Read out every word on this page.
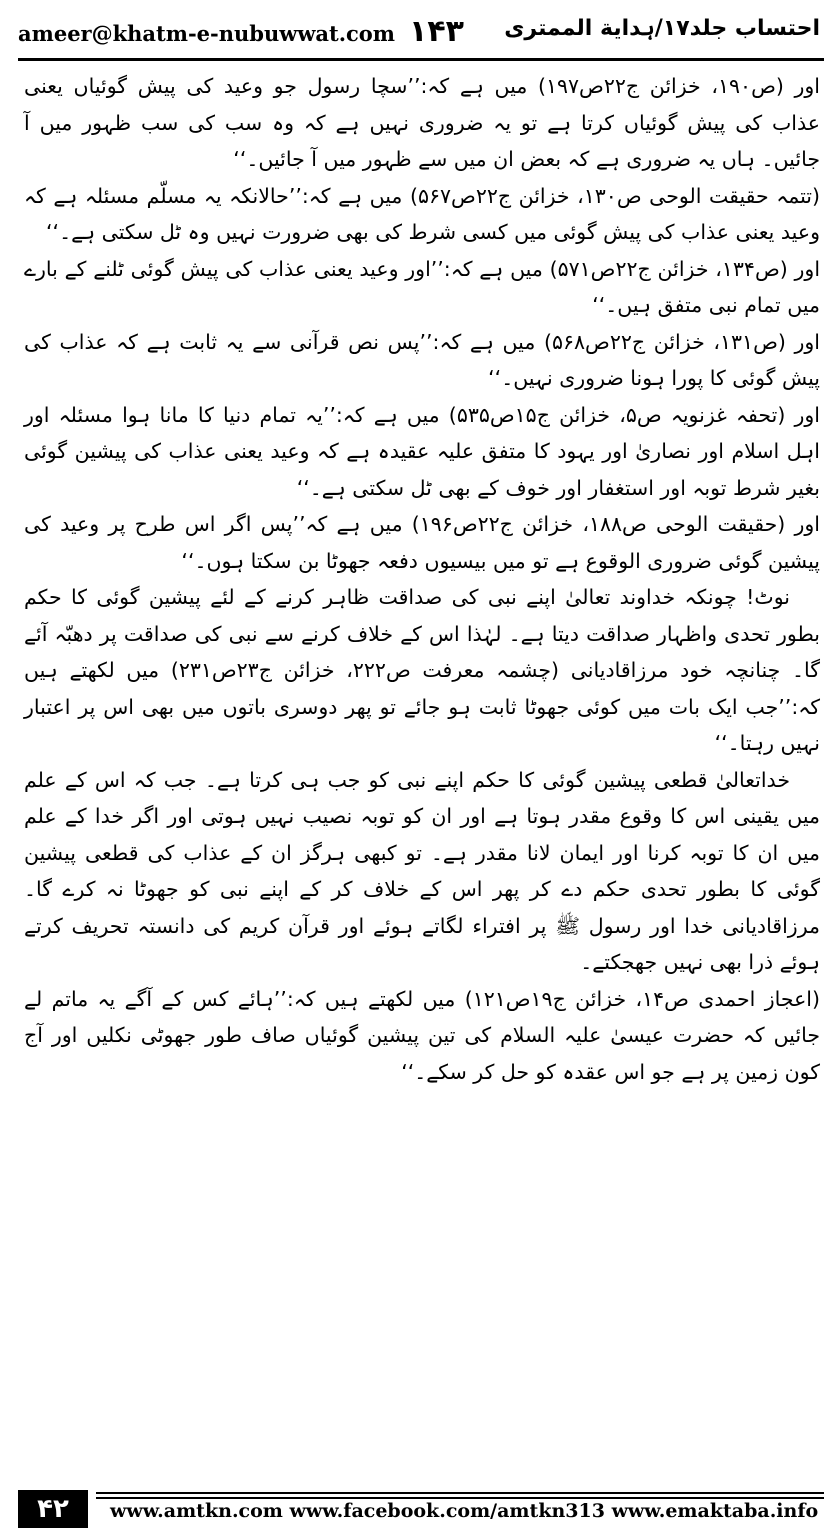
ameer@khatm-e-nubuwwat.com ۱۴۳ احتساب جلد۱۷/ہدایة الممتری

اور (ص۱۹۰، خزائن ج۲۲ص۱۹۷) میں ہے کہ:’’سچا رسول جو وعید کی پیش گوئیاں یعنی عذاب کی پیش گوئیاں کرتا ہے تو یہ ضروری نہیں ہے کہ وہ سب کی سب ظہور میں آ جائیں۔ ہاں یہ ضروری ہے کہ بعض ان میں سے ظہور میں آ جائیں۔‘‘

(تتمہ حقیقت الوحی ص۱۳۰، خزائن ج۲۲ص۵۶۷) میں ہے کہ:’’حالانکہ یہ مسلّم مسئلہ ہے کہ وعید یعنی عذاب کی پیش گوئی میں کسی شرط کی بھی ضرورت نہیں وہ ٹل سکتی ہے۔‘‘

اور (ص۱۳۴، خزائن ج۲۲ص۵۷۱) میں ہے کہ:’’اور وعید یعنی عذاب کی پیش گوئی ٹلنے کے بارے میں تمام نبی متفق ہیں۔‘‘

اور (ص۱۳۱، خزائن ج۲۲ص۵۶۸) میں ہے کہ:’’پس نص قرآنی سے یہ ثابت ہے کہ عذاب کی پیش گوئی کا پورا ہونا ضروری نہیں۔‘‘

اور (تحفہ غزنویہ ص۵، خزائن ج۱۵ص۵۳۵) میں ہے کہ:’’یہ تمام دنیا کا مانا ہوا مسئلہ اور اہل اسلام اور نصاریٰ اور یہود کا متفق علیہ عقیدہ ہے کہ وعید یعنی عذاب کی پیشین گوئی بغیر شرط توبہ اور استغفار اور خوف کے بھی ٹل سکتی ہے۔‘‘

اور (حقیقت الوحی ص۱۸۸، خزائن ج۲۲ص۱۹۶) میں ہے کہ’’پس اگر اس طرح پر وعید کی پیشین گوئی ضروری الوقوع ہے تو میں بیسیوں دفعہ جھوٹا بن سکتا ہوں۔‘‘

نوٹ! چونکہ خداوند تعالیٰ اپنے نبی کی صداقت ظاہر کرنے کے لئے پیشین گوئی کا حکم بطور تحدی واظہار صداقت دیتا ہے۔ لہٰذا اس کے خلاف کرنے سے نبی کی صداقت پر دھبّہ آئے گا۔ چنانچہ خود مرزاقادیانی (چشمہ معرفت ص۲۲۲، خزائن ج۲۳ص۲۳۱) میں لکھتے ہیں کہ:’’جب ایک بات میں کوئی جھوٹا ثابت ہو جائے تو پھر دوسری باتوں میں بھی اس پر اعتبار نہیں رہتا۔‘‘

خداتعالیٰ قطعی پیشین گوئی کا حکم اپنے نبی کو جب ہی کرتا ہے۔ جب کہ اس کے علم میں یقینی اس کا وقوع مقدر ہوتا ہے اور ان کو توبہ نصیب نہیں ہوتی اور اگر خدا کے علم میں ان کا توبہ کرنا اور ایمان لانا مقدر ہے۔ تو کبھی ہرگز ان کے عذاب کی قطعی پیشین گوئی کا بطور تحدی حکم دے کر پھر اس کے خلاف کر کے اپنے نبی کو جھوٹا نہ کرے گا۔ مرزاقادیانی خدا اور رسول ﷺ پر افتراء لگاتے ہوئے اور قرآن کریم کی دانستہ تحریف کرتے ہوئے ذرا بھی نہیں جھجکتے۔

(اعجاز احمدی ص۱۴، خزائن ج۱۹ص۱۲۱) میں لکھتے ہیں کہ:’’ہائے کس کے آگے یہ ماتم لے جائیں کہ حضرت عیسیٰ علیہ السلام کی تین پیشین گوئیاں صاف طور جھوٹی نکلیں اور آج کون زمین پر ہے جو اس عقدہ کو حل کر سکے۔‘‘

۴۲	www.amtkn.com www.facebook.com/amtkn313 www.emaktaba.info
